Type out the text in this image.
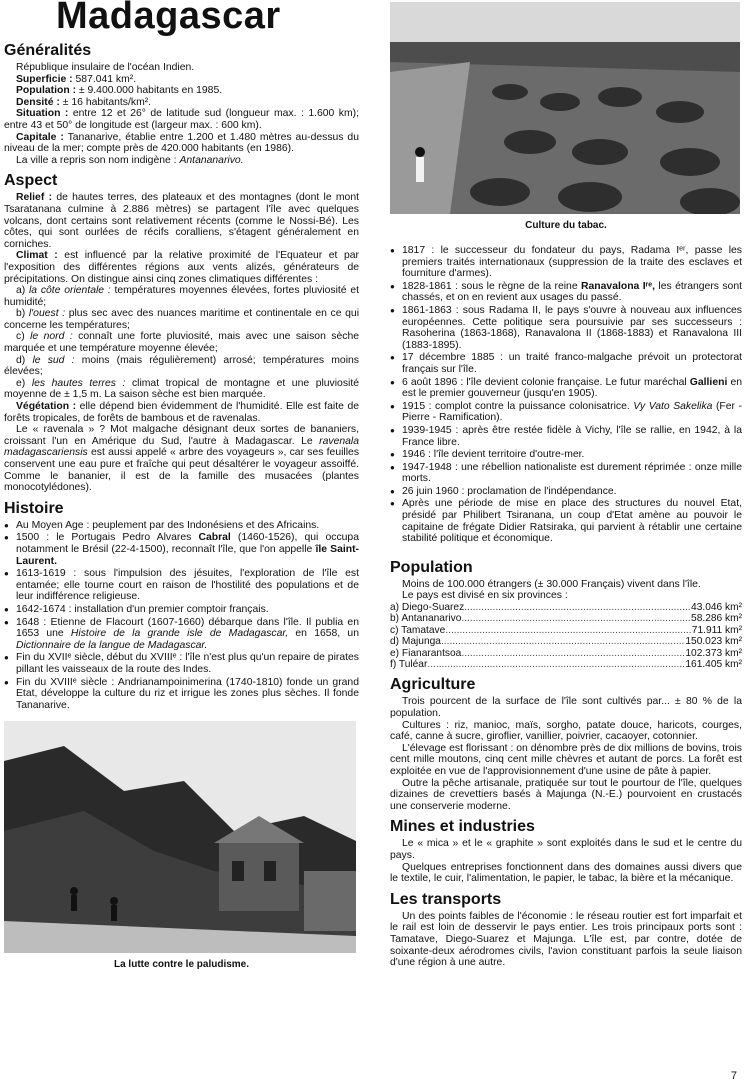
Madagascar
Généralités

République insulaire de l'océan Indien.

Superficie : 587.041 km².

Population : ± 9.400.000 habitants en 1985.

Densité : ± 16 habitants/km².

Situation : entre 12 et 26° de latitude sud (longueur max. : 1.600 km); entre 43 et 50° de longitude est (largeur max. : 600 km).

Capitale : Tananarive, établie entre 1.200 et 1.480 mètres au-dessus du niveau de la mer; compte près de 420.000 habitants (en 1986).

La ville a repris son nom indigène : Antananarivo.

Aspect

Relief : de hautes terres, des plateaux et des montagnes (dont le mont Tsaratanana culmine à 2.886 mètres) se partagent l'île avec quelques volcans, dont certains sont relativement récents (comme le Nossi-Bé). Les côtes, qui sont ourlées de récifs coralliens, s'étagent généralement en corniches.

Climat : est influencé par la relative proximité de l'Equateur et par l'exposition des différentes régions aux vents alizés, générateurs de précipitations. On distingue ainsi cinq zones climatiques différentes :

a) la côte orientale : températures moyennes élevées, fortes pluviosité et humidité;

b) l'ouest : plus sec avec des nuances maritime et continentale en ce qui concerne les températures;

c) le nord : connaît une forte pluviosité, mais avec une saison sèche marquée et une température moyenne élevée;

d) le sud : moins (mais régulièrement) arrosé; températures moins élevées;

e) les hautes terres : climat tropical de montagne et une pluviosité moyenne de ± 1,5 m. La saison sèche est bien marquée.

Végétation : elle dépend bien évidemment de l'humidité. Elle est faite de forêts tropicales, de forêts de bambous et de ravenalas.

Le « ravenala » ? Mot malgache désignant deux sortes de bananiers, croissant l'un en Amérique du Sud, l'autre à Madagascar. Le ravenala madagascariensis est aussi appelé « arbre des voyageurs », car ses feuilles conservent une eau pure et fraîche qui peut désaltérer le voyageur assoiffé. Comme le bananier, il est de la famille des musacées (plantes monocotylédones).

Histoire
● Au Moyen Age : peuplement par des Indonésiens et des Africains.
● 1500 : le Portugais Pedro Alvares Cabral (1460-1526), qui occupa notamment le Brésil (22-4-1500), reconnaît l'île, que l'on appelle île Saint-Laurent.
● 1613-1619 : sous l'impulsion des jésuites, l'exploration de l'île est entamée; elle tourne court en raison de l'hostilité des populations et de leur indifférence religieuse.
● 1642-1674 : installation d'un premier comptoir français.
● 1648 : Etienne de Flacourt (1607-1660) débarque dans l'île. Il publia en 1653 une Histoire de la grande isle de Madagascar, en 1658, un Dictionnaire de la langue de Madagascar.
● Fin du XVIIᵉ siècle, début du XVIIIᵉ : l'île n'est plus qu'un repaire de pirates pillant les vaisseaux de la route des Indes.
● Fin du XVIIIᵉ siècle : Andrianampoinimerina (1740-1810) fonde un grand Etat, développe la culture du riz et irrigue les zones plus sèches. Il fonde Tananarive.
La lutte contre le paludisme.
Culture du tabac.
● 1817 : le successeur du fondateur du pays, Radama Iᵉʳ, passe les premiers traités internationaux (suppression de la traite des esclaves et fourniture d'armes).
● 1828-1861 : sous le règne de la reine Ranavalona Iʳᵉ, les étrangers sont chassés, et on en revient aux usages du passé.
● 1861-1863 : sous Radama II, le pays s'ouvre à nouveau aux influences européennes. Cette politique sera poursuivie par ses successeurs : Rasoherina (1863-1868), Ranavalona II (1868-1883) et Ranavalona III (1883-1895).
● 17 décembre 1885 : un traité franco-malgache prévoit un protectorat français sur l'île.
● 6 août 1896 : l'île devient colonie française. Le futur maréchal Gallieni en est le premier gouverneur (jusqu'en 1905).
● 1915 : complot contre la puissance colonisatrice. Vy Vato Sakelika (Fer - Pierre - Ramification).
● 1939-1945 : après être restée fidèle à Vichy, l'île se rallie, en 1942, à la France libre.
● 1946 : l'île devient territoire d'outre-mer.
● 1947-1948 : une rébellion nationaliste est durement réprimée : onze mille morts.
● 26 juin 1960 : proclamation de l'indépendance.
● Après une période de mise en place des structures du nouvel Etat, présidé par Philibert Tsiranana, un coup d'Etat amène au pouvoir le capitaine de frégate Didier Ratsiraka, qui parvient à rétablir une certaine stabilité politique et économique.
Population

Moins de 100.000 étrangers (± 30.000 Français) vivent dans l'île.

Le pays est divisé en six provinces :

a) Diego-Suarez .....	43.046 km²
b) Antananarivo .....	58.286 km²
c) Tamatave .....	71.911 km²
d) Majunga .....	150.023 km²
e) Fianarantsoa .....	102.373 km²
f) Tuléar .....	161.405 km²
Agriculture

Trois pourcent de la surface de l'île sont cultivés par... ± 80 % de la population.

Cultures : riz, manioc, maïs, sorgho, patate douce, haricots, courges, café, canne à sucre, giroflier, vanillier, poivrier, cacaoyer, cotonnier.

L'élevage est florissant : on dénombre près de dix millions de bovins, trois cent mille moutons, cinq cent mille chèvres et autant de porcs. La forêt est exploitée en vue de l'approvisionnement d'une usine de pâte à papier.

Outre la pêche artisanale, pratiquée sur tout le pourtour de l'île, quelques dizaines de crevettiers basés à Majunga (N.-E.) pourvoient en crustacés une conserverie moderne.

Mines et industries

Le « mica » et le « graphite » sont exploités dans le sud et le centre du pays.

Quelques entreprises fonctionnent dans des domaines aussi divers que le textile, le cuir, l'alimentation, le papier, le tabac, la bière et la mécanique.

Les transports

Un des points faibles de l'économie : le réseau routier est fort imparfait et le rail est loin de desservir le pays entier. Les trois principaux ports sont : Tamatave, Diego-Suarez et Majunga. L'île est, par contre, dotée de soixante-deux aérodromes civils, l'avion constituant parfois la seule liaison d'une région à une autre.

7
